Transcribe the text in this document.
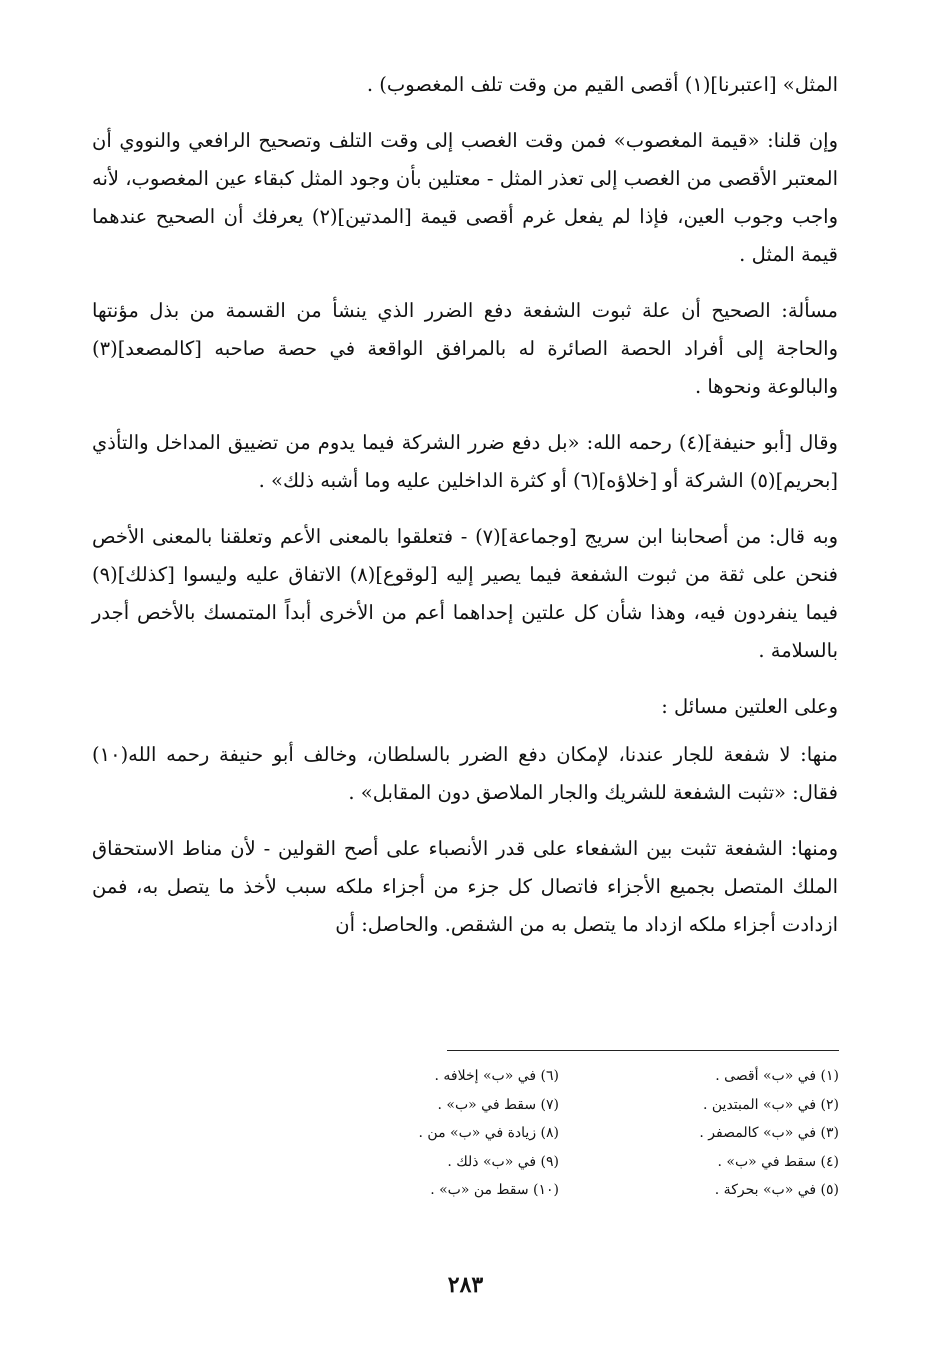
المثل» [اعتبرنا](١) أقصى القيم من وقت تلف المغصوب) .

وإن قلنا: «قيمة المغصوب» فمن وقت الغصب إلى وقت التلف وتصحيح الرافعي والنووي أن المعتبر الأقصى من الغصب إلى تعذر المثل - معتلين بأن وجود المثل كبقاء عين المغصوب، لأنه واجب وجوب العين، فإذا لم يفعل غرم أقصى قيمة [المدتين](٢) يعرفك أن الصحيح عندهما قيمة المثل .

مسألة: الصحيح أن علة ثبوت الشفعة دفع الضرر الذي ينشأ من القسمة من بذل مؤنتها والحاجة إلى أفراد الحصة الصائرة له بالمرافق الواقعة في حصة صاحبه [كالمصعد](٣) والبالوعة ونحوها .

وقال [أبو حنيفة](٤) رحمه الله: «بل دفع ضرر الشركة فيما يدوم من تضييق المداخل والتأذي [بحريم](٥) الشركة أو [خلاؤه](٦) أو كثرة الداخلين عليه وما أشبه ذلك» .

وبه قال: من أصحابنا ابن سريج [وجماعة](٧) - فتعلقوا بالمعنى الأعم وتعلقنا بالمعنى الأخص فنحن على ثقة من ثبوت الشفعة فيما يصير إليه [لوقوع](٨) الاتفاق عليه وليسوا [كذلك](٩) فيما ينفردون فيه، وهذا شأن كل علتين إحداهما أعم من الأخرى أبداً المتمسك بالأخص أجدر بالسلامة .

وعلى العلتين مسائل :

منها: لا شفعة للجار عندنا، لإمكان دفع الضرر بالسلطان، وخالف أبو حنيفة رحمه الله(١٠) فقال: «تثبت الشفعة للشريك والجار الملاصق دون المقابل» .

ومنها: الشفعة تثبت بين الشفعاء على قدر الأنصباء على أصح القولين - لأن مناط الاستحقاق الملك المتصل بجميع الأجزاء فاتصال كل جزء من أجزاء ملكه سبب لأخذ ما يتصل به، فمن ازدادت أجزاء ملكه ازداد ما يتصل به من الشقص. والحاصل: أن

(١) في «ب» أقصى .
(٢) في «ب» المبتدين .
(٣) في «ب» كالمصفر .
(٤) سقط في «ب» .
(٥) في «ب» بحركة .
(٦) في «ب» إخلافه .
(٧) سقط في «ب» .
(٨) زيادة في «ب» من .
(٩) في «ب» ذلك .
(١٠) سقط من «ب» .
٢٨٣
